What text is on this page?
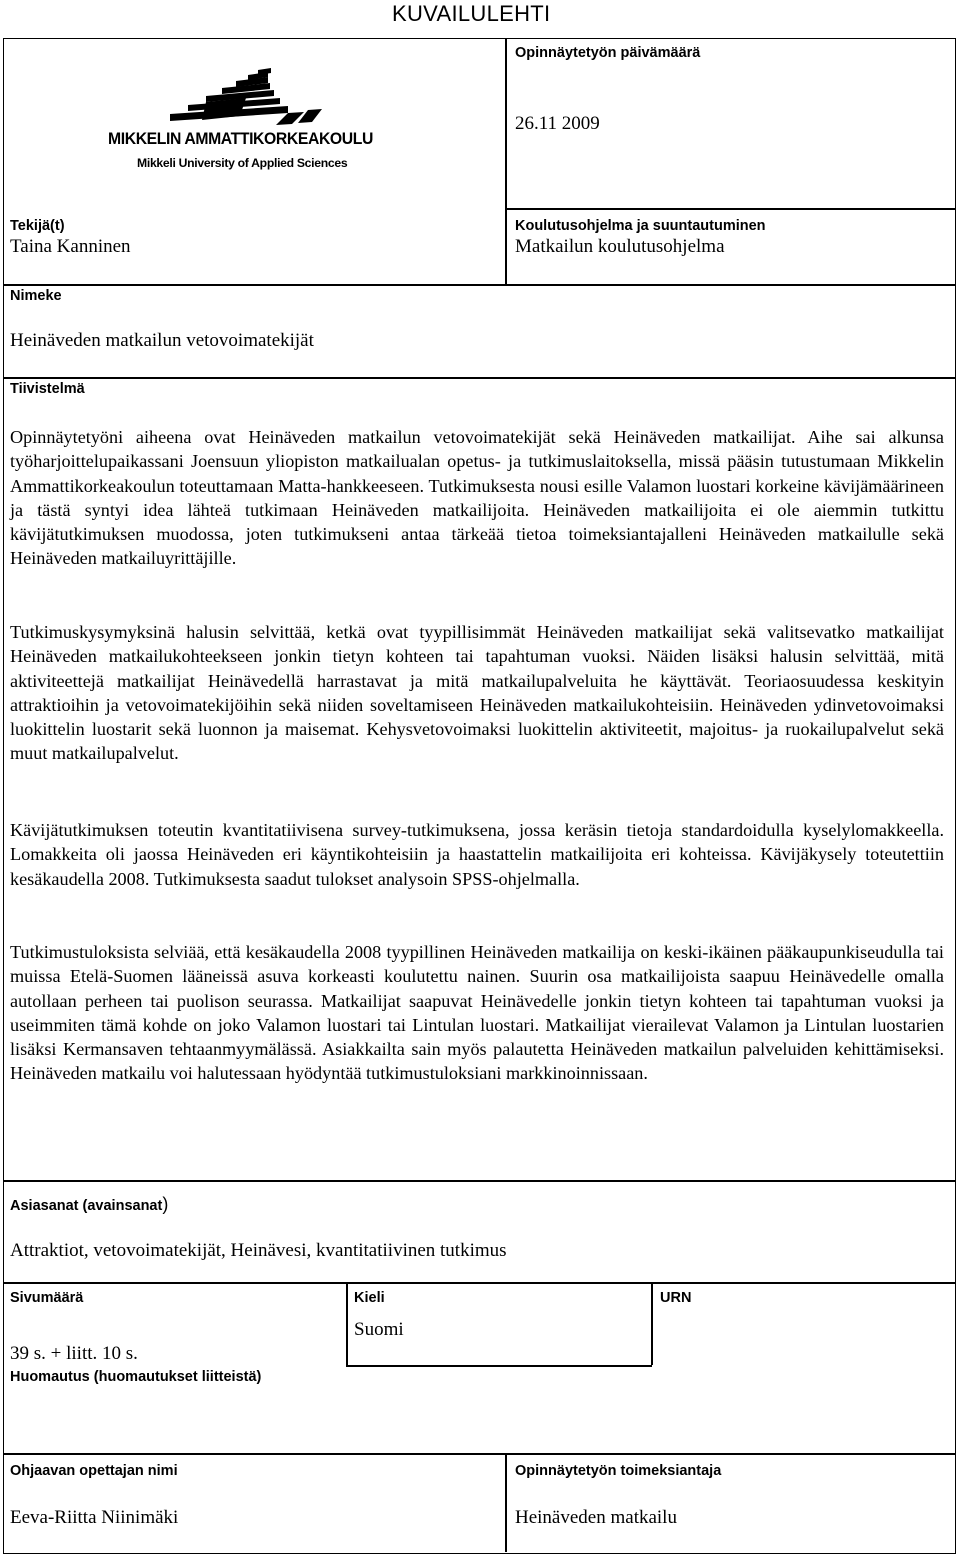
KUVAILULEHTI
MIKKELIN AMMATTIKORKEAKOULU
Mikkeli University of Applied Sciences
Opinnäytetyön päivämäärä
26.11 2009
Tekijä(t)
Taina Kanninen
Koulutusohjelma ja suuntautuminen
Matkailun koulutusohjelma
Nimeke
Heinäveden matkailun vetovoimatekijät
Tiivistelmä

Opinnäytetyöni aiheena ovat Heinäveden matkailun vetovoimatekijät sekä Heinäveden matkailijat. Aihe sai alkunsa työharjoittelupaikassani Joensuun yliopiston matkailualan opetus- ja tutkimuslaitoksella, missä pääsin tutustumaan Mikkelin Ammattikorkeakoulun toteuttamaan Matta-hankkeeseen. Tutkimuksesta nousi esille Valamon luostari korkeine kävijämäärineen ja tästä syntyi idea lähteä tutkimaan Heinäveden matkailijoita. Heinäveden matkailijoita ei ole aiemmin tutkittu kävijätutkimuksen muodossa, joten tutkimukseni antaa tärkeää tietoa toimeksiantajalleni Heinäveden matkailulle sekä Heinäveden matkailuyrittäjille.

Tutkimuskysymyksinä halusin selvittää, ketkä ovat tyypillisimmät Heinäveden matkailijat sekä valitsevatko matkailijat Heinäveden matkailukohteekseen jonkin tietyn kohteen tai tapahtuman vuoksi. Näiden lisäksi halusin selvittää, mitä aktiviteettejä matkailijat Heinävedellä harrastavat ja mitä matkailupalveluita he käyttävät. Teoriaosuudessa keskityin attraktioihin ja vetovoimatekijöihin sekä niiden soveltamiseen Heinäveden matkailukohteisiin. Heinäveden ydinvetovoimaksi luokittelin luostarit sekä luonnon ja maisemat. Kehysvetovoimaksi luokittelin aktiviteetit, majoitus- ja ruokailupalvelut sekä muut matkailupalvelut.

Kävijätutkimuksen toteutin kvantitatiivisena survey-tutkimuksena, jossa keräsin tietoja standardoidulla kyselylomakkeella. Lomakkeita oli jaossa Heinäveden eri käyntikohteisiin ja haastattelin matkailijoita eri kohteissa. Kävijäkysely toteutettiin kesäkaudella 2008. Tutkimuksesta saadut tulokset analysoin SPSS-ohjelmalla.

Tutkimustuloksista selviää, että kesäkaudella 2008 tyypillinen Heinäveden matkailija on keski-ikäinen pääkaupunkiseudulla tai muissa Etelä-Suomen lääneissä asuva korkeasti koulutettu nainen. Suurin osa matkailijoista saapuu Heinävedelle omalla autollaan perheen tai puolison seurassa. Matkailijat saapuvat Heinävedelle jonkin tietyn kohteen tai tapahtuman vuoksi ja useimmiten tämä kohde on joko Valamon luostari tai Lintulan luostari. Matkailijat vierailevat Valamon ja Lintulan luostarien lisäksi Kermansaven tehtaanmyymälässä. Asiakkailta sain myös palautetta Heinäveden matkailun palveluiden kehittämiseksi. Heinäveden matkailu voi halutessaan hyödyntää tutkimustuloksiani markkinoinnissaan.

Asiasanat (avainsanat)
Attraktiot, vetovoimatekijät, Heinävesi, kvantitatiivinen tutkimus
Sivumäärä
39 s. + liitt. 10 s.
Kieli
Suomi
URN
Huomautus (huomautukset liitteistä)
Ohjaavan opettajan nimi
Eeva-Riitta Niinimäki
Opinnäytetyön toimeksiantaja
Heinäveden matkailu
